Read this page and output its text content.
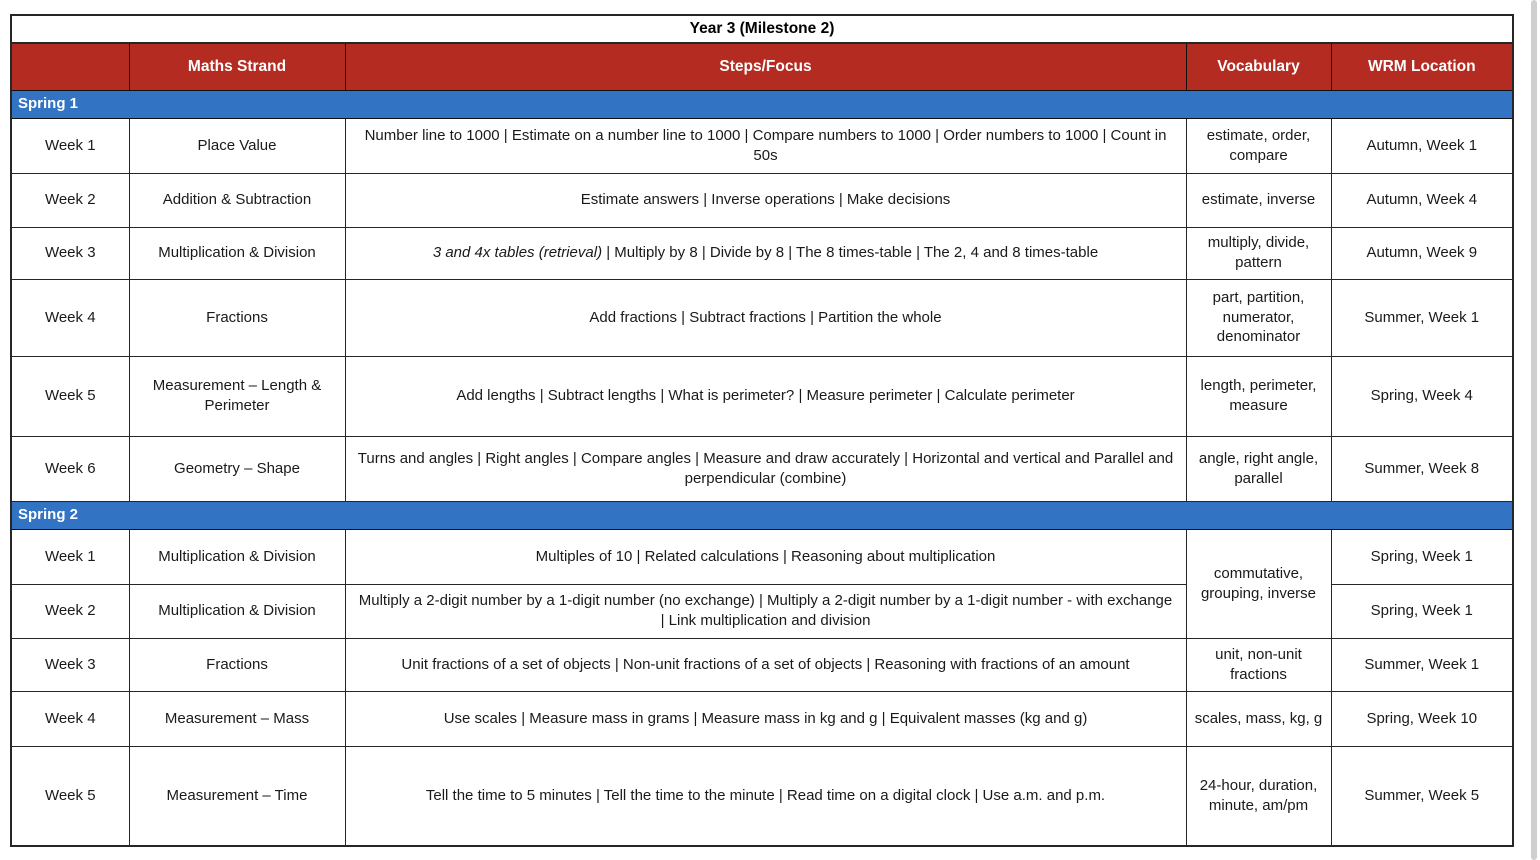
Year 3 (Milestone 2)				
	Maths Strand	Steps/Focus	Vocabulary	WRM Location
Spring 1				
Week 1	Place Value	Number line to 1000 | Estimate on a number line to 1000 | Compare numbers to 1000 | Order numbers to 1000 | Count in 50s	estimate, order, compare	Autumn, Week 1
Week 2	Addition & Subtraction	Estimate answers | Inverse operations | Make decisions	estimate, inverse	Autumn, Week 4
Week 3	Multiplication & Division	3 and 4x tables (retrieval) | Multiply by 8 | Divide by 8 | The 8 times-table | The 2, 4 and 8 times-table	multiply, divide, pattern	Autumn, Week 9
Week 4	Fractions	Add fractions | Subtract fractions | Partition the whole	part, partition, numerator, denominator	Summer, Week 1
Week 5	Measurement – Length & Perimeter	Add lengths | Subtract lengths | What is perimeter? | Measure perimeter | Calculate perimeter	length, perimeter, measure	Spring, Week 4
Week 6	Geometry – Shape	Turns and angles | Right angles | Compare angles | Measure and draw accurately | Horizontal and vertical and Parallel and perpendicular (combine)	angle, right angle, parallel	Summer, Week 8
Spring 2				
Week 1	Multiplication & Division	Multiples of 10 | Related calculations | Reasoning about multiplication	commutative, grouping, inverse	Spring, Week 1
Week 2	Multiplication & Division	Multiply a 2-digit number by a 1-digit number (no exchange) | Multiply a 2-digit number by a 1-digit number - with exchange | Link multiplication and division		Spring, Week 1
Week 3	Fractions	Unit fractions of a set of objects | Non-unit fractions of a set of objects | Reasoning with fractions of an amount	unit, non-unit fractions	Summer, Week 1
Week 4	Measurement – Mass	Use scales | Measure mass in grams | Measure mass in kg and g | Equivalent masses (kg and g)	scales, mass, kg, g	Spring, Week 10
Week 5	Measurement – Time	Tell the time to 5 minutes | Tell the time to the minute | Read time on a digital clock | Use a.m. and p.m.	24-hour, duration, minute, am/pm	Summer, Week 5
